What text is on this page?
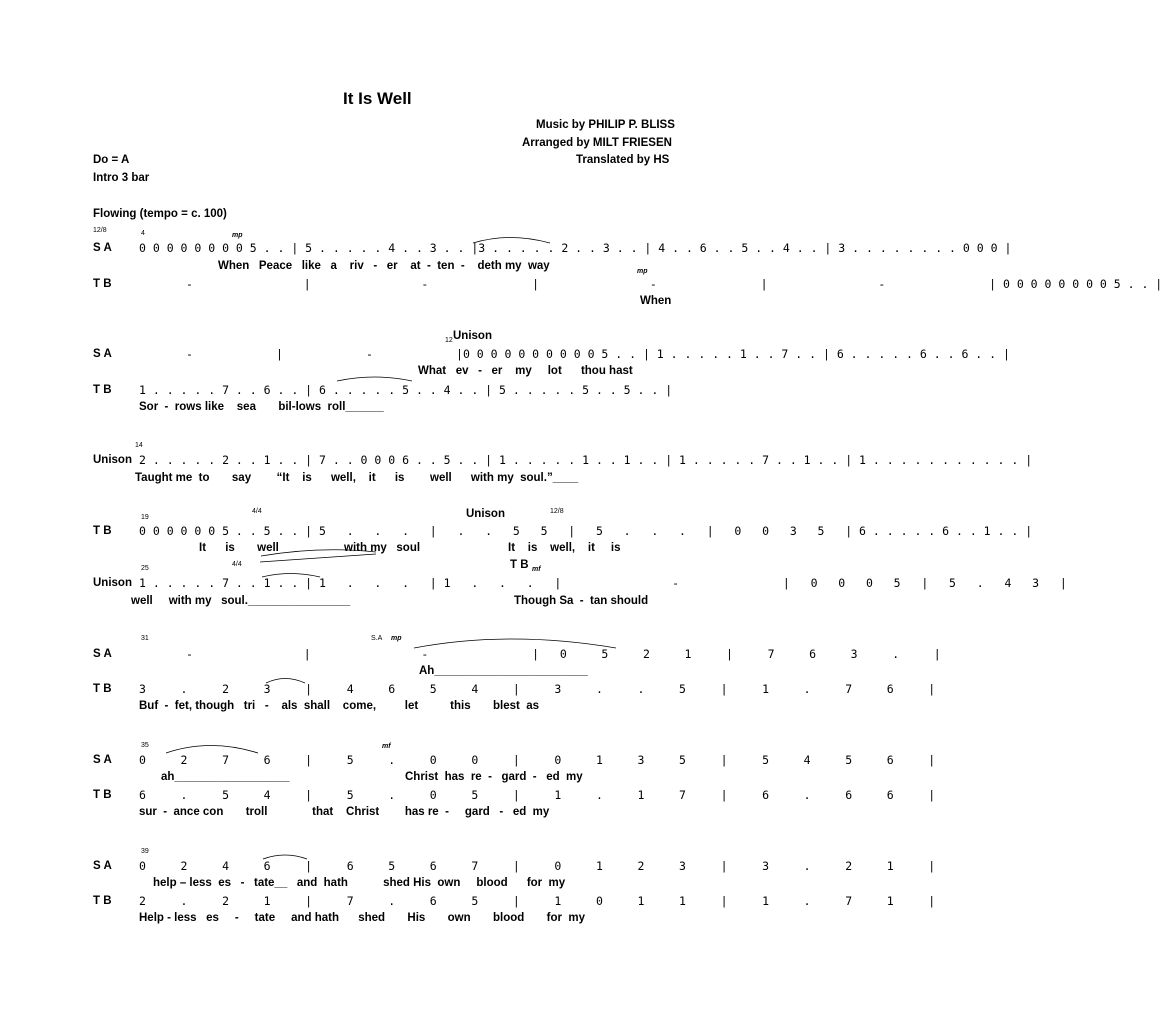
It Is Well
Music by PHILIP P. BLISS
Arranged by MILT FRIESEN
Translated by HS
Do = A
Intro 3 bar
Flowing (tempo = c. 100)
12/8	4	mp
S A 0 0 0 0 0 0 0 0 5 . . | 5 . . . . . 4 . . 3 . . |3 . . . . . 2 . . 3 . . | 4 . . 6 . . 5 . . 4 . . | 3 . . . . . . . . 0 0 0 |
When   Peace   like   a    riv   -   er    at  -  ten  -    deth my  way	mp
T B	-                |                -               |                -               |                -               | 0 0 0 0 0 0 0 0 5 . . |
When
12 Unison
S A	-            |            -            |0 0 0 0 0 0 0 0 0 0 5 . . | 1 . . . . . 1 . . 7 . . | 6 . . . . . 6 . . 6 . . |
What   ev   -   er    my     lot      thou hast
T B 1 . . . . . 7 . . 6 . . | 6 . . . . . 5 . . 4 . . | 5 . . . . . 5 . . 5 . . |
Sor  -  rows like    sea       bil-lows  roll______
14
Unison 2 . . . . . 2 . . 1 . . | 7 . . 0 0 0 6 . . 5 . . | 1 . . . . . 1 . . 1 . . | 1 . . . . . 7 . . 1 . . | 1 . . . . . . . . . . . |
Taught me  to       say        “It    is      well,    it      is        well      with my  soul.”____
19
4/4	Unison	12/8
T B 0 0 0 0 0 0 5 . . 5 . . | 5   .   .   .   |   .   .   5   5   |   5   .   .   .   |   0   0   3   5   | 6 . . . . . 6 . . 1 . . |
It      is       well	with my   soul	It    is    well,    it     is
25
4/4	T B mf
Unison 1 . . . . . 7 . . 1 . . | 1   .   .   .   | 1   .   .   .   |                -               |   0   0   0   5   |   5   .   4   3   |
well     with my   soul.________________	Though Sa  -  tan should
31	S.A mp
S A	-                |                -               |   0     5     2     1     |     7     6     3     .     |
Ah________________________
T B 3     .     2     3     |     4     6     5     4     |     3     .     .     5     |     1     .     7     6     |
Buf  -  fet, though   tri   -    als  shall    come,         let          this       blest  as
35	mf
S A 0     2     7     6     |     5     .     0     0     |     0     1     3     5     |     5     4     5     6     |
ah__________________	Christ  has  re  -   gard  -   ed  my
T B 6     .     5     4     |     5     .     0     5     |     1     .     1     7     |     6     .     6     6     |
sur  -  ance con       troll              that    Christ        has re  -     gard   -   ed  my
39
S A 0     2     4     6     |     6     5     6     7     |     0     1     2     3     |     3     .     2     1     |
help – less  es   -   tate__   and  hath           shed His  own     blood      for  my
T B 2     .     2     1     |     7     .     6     5     |     1     0     1     1     |     1     .     7     1     |
Help - less   es     -     tate     and hath      shed       His       own       blood       for  my
